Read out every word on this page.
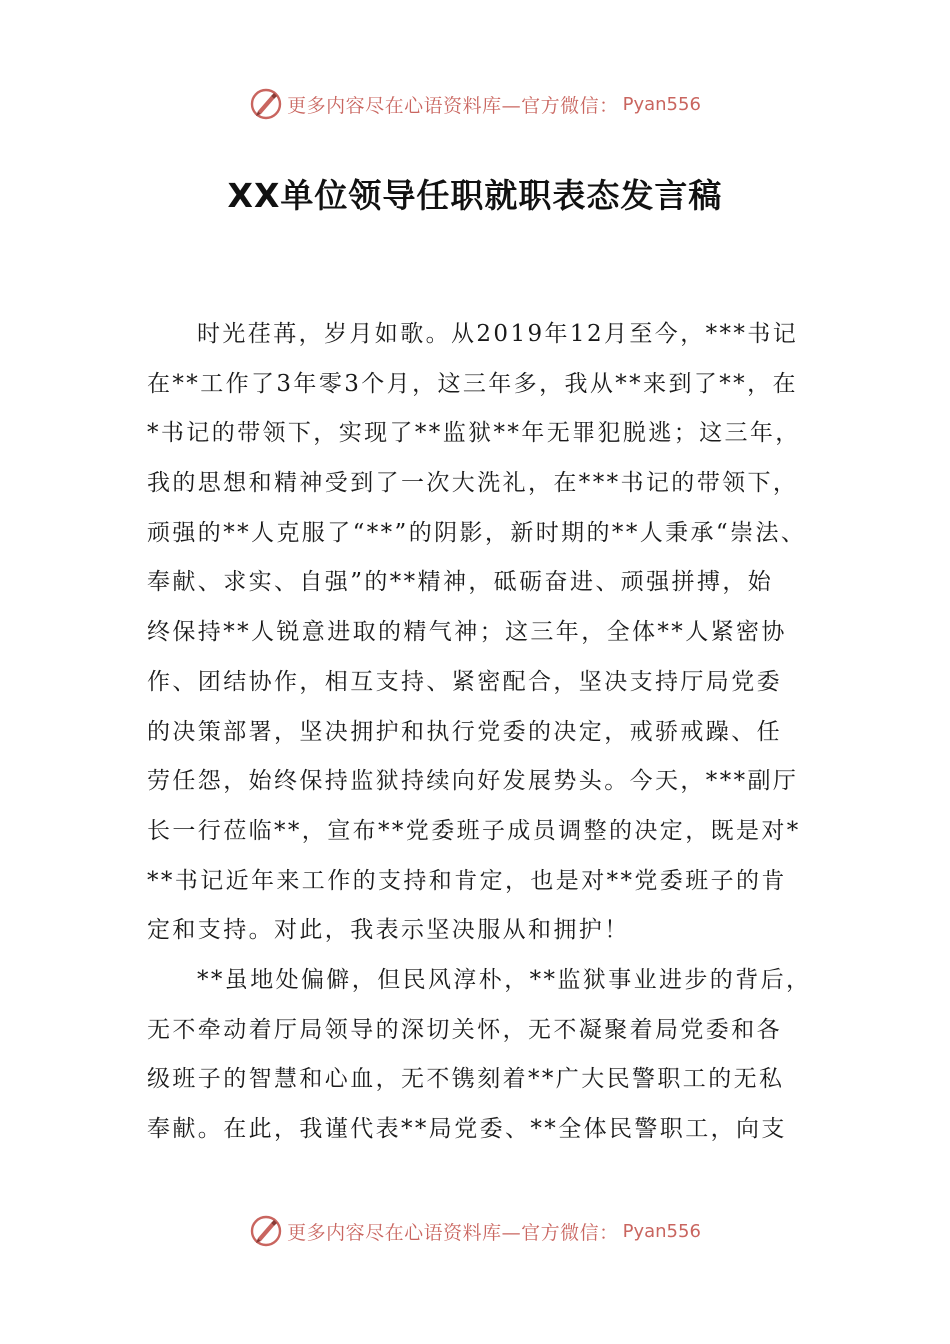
更多内容尽在心语资料库—官方微信： Pyan556
XX单位领导任职就职表态发言稿
时光荏苒，岁月如歌。从2019年12月至今，***书记
在**工作了3年零3个月，这三年多，我从**来到了**，在
*书记的带领下，实现了**监狱**年无罪犯脱逃；这三年，
我的思想和精神受到了一次大洗礼，在***书记的带领下，
顽强的**人克服了“**”的阴影，新时期的**人秉承“崇法、
奉献、求实、自强”的**精神，砥砺奋进、顽强拼搏，始
终保持**人锐意进取的精气神；这三年，全体**人紧密协
作、团结协作，相互支持、紧密配合，坚决支持厅局党委
的决策部署，坚决拥护和执行党委的决定，戒骄戒躁、任
劳任怨，始终保持监狱持续向好发展势头。今天，***副厅
长一行莅临**，宣布**党委班子成员调整的决定，既是对*
**书记近年来工作的支持和肯定，也是对**党委班子的肯
定和支持。对此，我表示坚决服从和拥护！
**虽地处偏僻，但民风淳朴，**监狱事业进步的背后，
无不牵动着厅局领导的深切关怀，无不凝聚着局党委和各
级班子的智慧和心血，无不镌刻着**广大民警职工的无私
奉献。在此，我谨代表**局党委、**全体民警职工，向支
更多内容尽在心语资料库—官方微信： Pyan556
